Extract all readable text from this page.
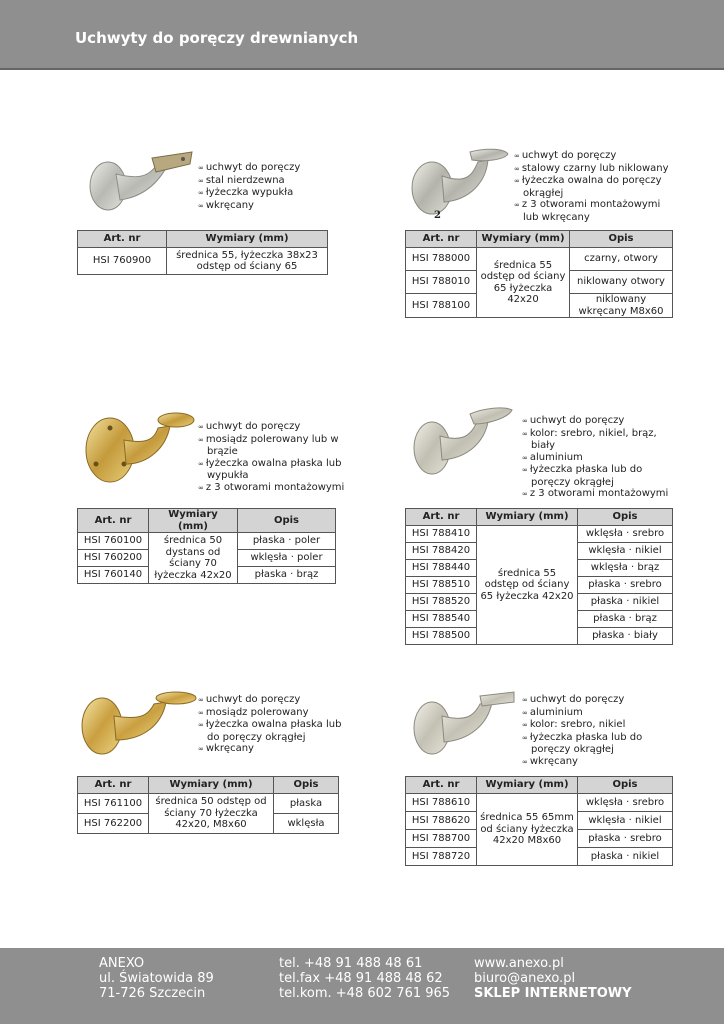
Uchwyty do poręczy drewnianych
∞ uchwyt do poręczy
∞ stal nierdzewna
∞ łyżeczka wypukła
∞ wkręcany
Art. nr	Wymiary (mm)
HSI 760900	średnica 55, łyżeczka 38x23 odstęp od ściany 65
2
∞ uchwyt do poręczy
∞ stalowy czarny lub niklowany
∞ łyżeczka owalna do poręczy okrągłej
∞ z 3 otworami montażowymi lub wkręcany
Art. nr	Wymiary (mm)	Opis
HSI 788000	średnica 55 odstęp od ściany 65 łyżeczka 42x20	czarny, otwory
HSI 788010		niklowany otwory
HSI 788100		niklowany wkręcany M8x60
∞ uchwyt do poręczy
∞ mosiądz polerowany lub w brązie
∞ łyżeczka owalna płaska lub wypukła
∞ z 3 otworami montażowymi
Art. nr	Wymiary (mm)	Opis
HSI 760100	średnica 50 dystans od ściany 70 łyżeczka 42x20	płaska · poler
HSI 760200		wklęsła · poler
HSI 760140		płaska · brąz
∞ uchwyt do poręczy
∞ kolor: srebro, nikiel, brąz, biały
∞ aluminium
∞ łyżeczka płaska lub do poręczy okrągłej
∞ z 3 otworami montażowymi
Art. nr	Wymiary (mm)	Opis
HSI 788410	średnica 55 odstęp od ściany 65 łyżeczka 42x20	wklęsła · srebro
HSI 788420		wklęsła · nikiel
HSI 788440		wklęsła · brąz
HSI 788510		płaska · srebro
HSI 788520		płaska · nikiel
HSI 788540		płaska · brąz
HSI 788500		płaska · biały
∞ uchwyt do poręczy
∞ mosiądz polerowany
∞ łyżeczka owalna płaska lub do poręczy okrągłej
∞ wkręcany
Art. nr	Wymiary (mm)	Opis
HSI 761100	średnica 50 odstęp od ściany 70 łyżeczka 42x20, M8x60	płaska
HSI 762200		wklęsła
∞ uchwyt do poręczy
∞ aluminium
∞ kolor: srebro, nikiel
∞ łyżeczka płaska lub do poręczy okrągłej
∞ wkręcany
Art. nr	Wymiary (mm)	Opis
HSI 788610	średnica 55 65mm od ściany łyżeczka 42x20 M8x60	wklęsła · srebro
HSI 788620		wklęsła · nikiel
HSI 788700		płaska · srebro
HSI 788720		płaska · nikiel
ANEXO
ul. Światowida 89
71-726 Szczecin
tel. +48 91 488 48 61
tel.fax +48 91 488 48 62
tel.kom. +48 602 761 965
www.anexo.pl
biuro@anexo.pl
SKLEP INTERNETOWY
